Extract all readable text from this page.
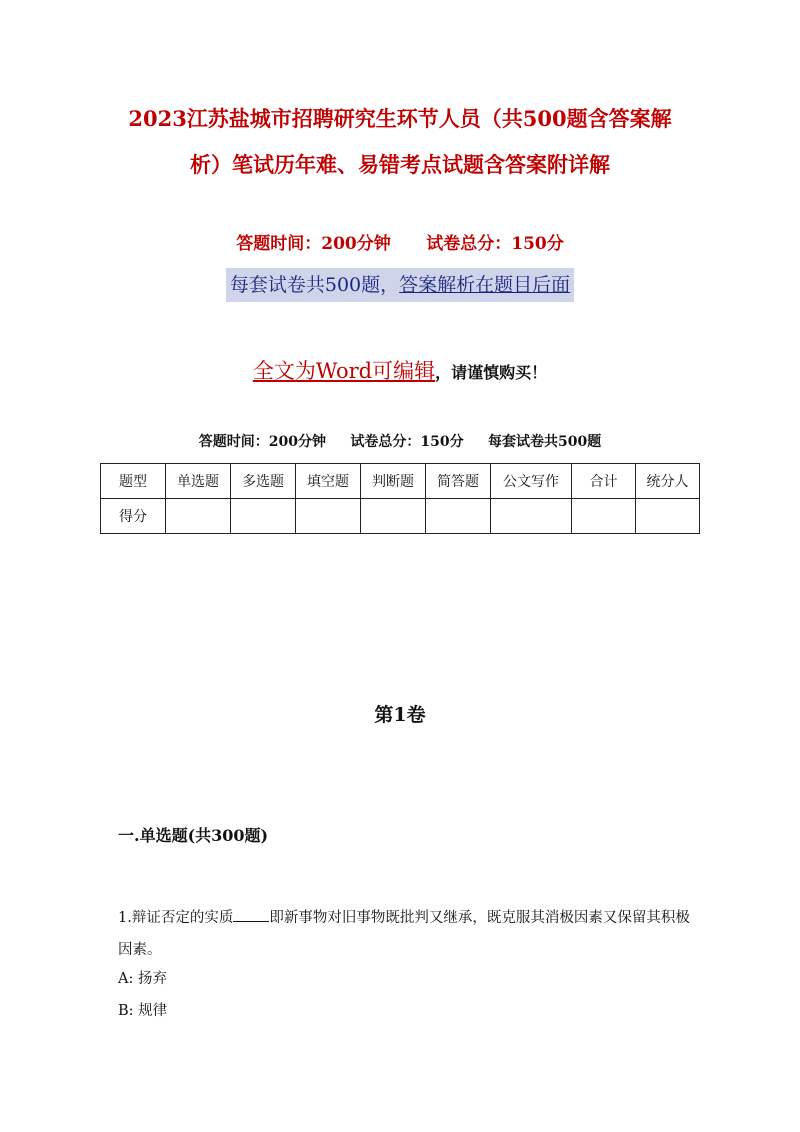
2023江苏盐城市招聘研究生环节人员（共500题含答案解
析）笔试历年难、易错考点试题含答案附详解
答题时间：200分钟 试卷总分：150分
每套试卷共500题，答案解析在题目后面
全文为Word可编辑，请谨慎购买！
答题时间：200分钟 试卷总分：150分 每套试卷共500题
题型	单选题	多选题	填空题	判断题	简答题	公文写作	合计	统分人
得分								
第1卷
一.单选题(共300题)
1.辩证否定的实质 即新事物对旧事物既批判又继承，既克服其消极因素又保留其积极因素。
A: 扬弃
B: 规律
